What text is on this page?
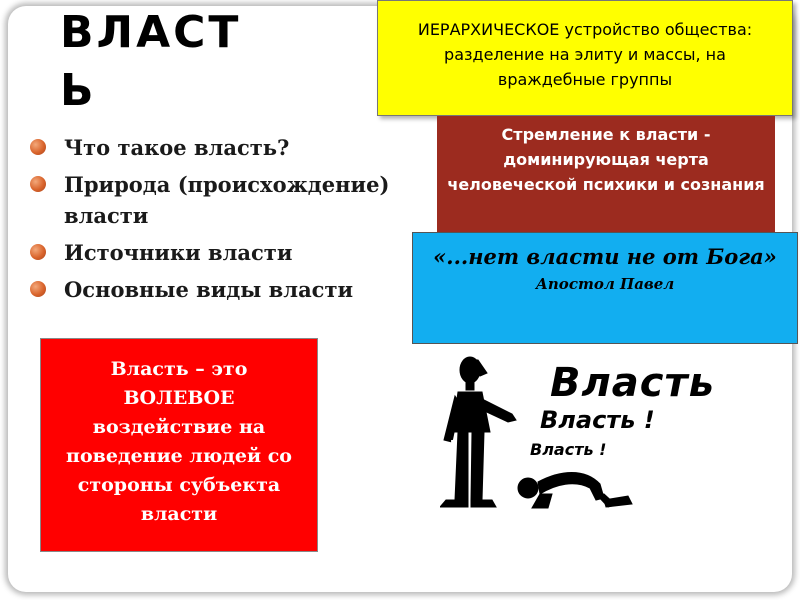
ВЛАСТ Ь
Что такое власть?
Природа (происхождение) власти
Источники власти
Основные виды власти
ИЕРАРХИЧЕСКОЕ устройство общества: разделение на элиту и массы, на враждебные группы
Стремление к власти - доминирующая черта человеческой психики и сознания
«...нет власти не от Бога»
Апостол Павел
Власть – это ВОЛЕВОЕ воздействие на поведение людей со стороны субъекта власти
Власть
Власть !
Власть !
